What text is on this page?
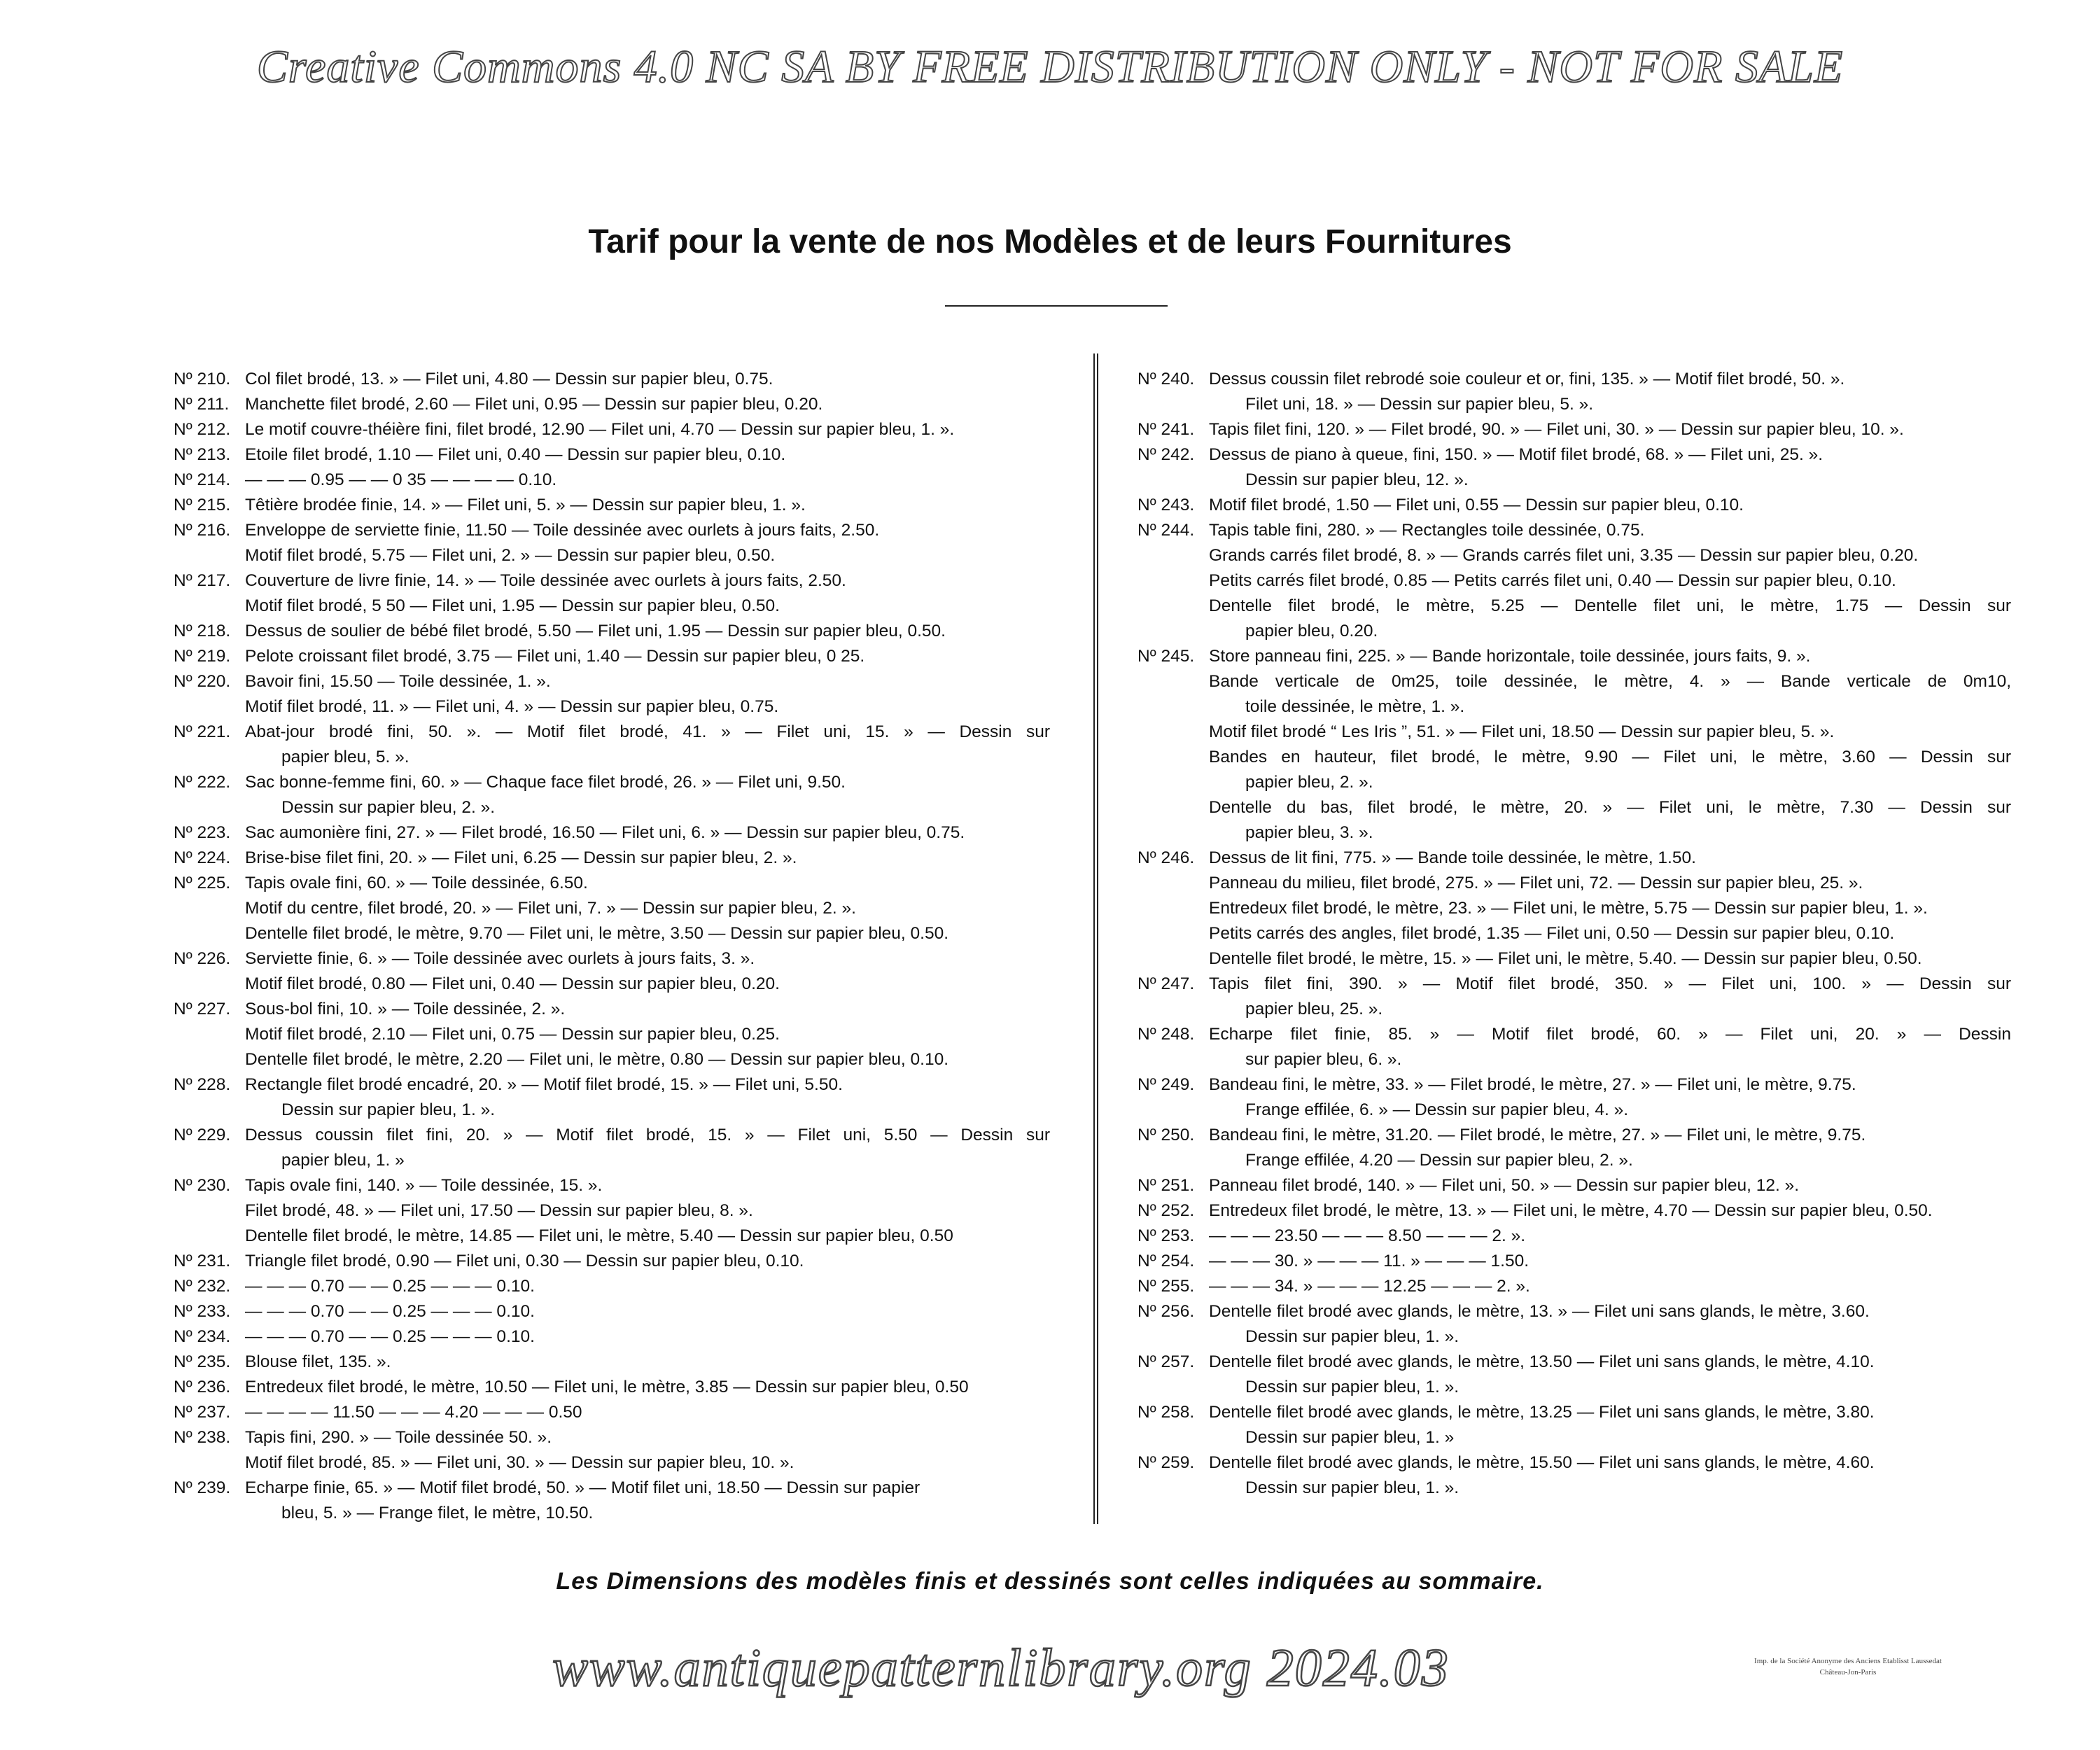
Creative Commons 4.0 NC SA BY FREE DISTRIBUTION ONLY - NOT FOR SALE
Tarif pour la vente de nos Modèles et de leurs Fournitures
Nº 210. Col filet brodé, 13. » — Filet uni, 4.80 — Dessin sur papier bleu, 0.75.
Nº 211. Manchette filet brodé, 2.60 — Filet uni, 0.95 — Dessin sur papier bleu, 0.20.
Nº 212. Le motif couvre-théière fini, filet brodé, 12.90 — Filet uni, 4.70 — Dessin sur papier bleu, 1. ».
Nº 213. Etoile filet brodé, 1.10 — Filet uni, 0.40 — Dessin sur papier bleu, 0.10.
Nº 214. — — — 0.95 — — 0 35 — — — — 0.10.
Nº 215. Têtière brodée finie, 14. » — Filet uni, 5. » — Dessin sur papier bleu, 1. ».
Nº 216. Enveloppe de serviette finie, 11.50 — Toile dessinée avec ourlets à jours faits, 2.50.
Motif filet brodé, 5.75 — Filet uni, 2. » — Dessin sur papier bleu, 0.50.
Nº 217. Couverture de livre finie, 14. » — Toile dessinée avec ourlets à jours faits, 2.50.
Motif filet brodé, 5 50 — Filet uni, 1.95 — Dessin sur papier bleu, 0.50.
Nº 218. Dessus de soulier de bébé filet brodé, 5.50 — Filet uni, 1.95 — Dessin sur papier bleu, 0.50.
Nº 219. Pelote croissant filet brodé, 3.75 — Filet uni, 1.40 — Dessin sur papier bleu, 0 25.
Nº 220. Bavoir fini, 15.50 — Toile dessinée, 1. ».
Motif filet brodé, 11. » — Filet uni, 4. » — Dessin sur papier bleu, 0.75.
Nº 221. Abat-jour brodé fini, 50. ». — Motif filet brodé, 41. » — Filet uni, 15. » — Dessin sur
papier bleu, 5. ».
Nº 222. Sac bonne-femme fini, 60. » — Chaque face filet brodé, 26. » — Filet uni, 9.50.
Dessin sur papier bleu, 2. ».
Nº 223. Sac aumonière fini, 27. » — Filet brodé, 16.50 — Filet uni, 6. » — Dessin sur papier bleu, 0.75.
Nº 224. Brise-bise filet fini, 20. » — Filet uni, 6.25 — Dessin sur papier bleu, 2. ».
Nº 225. Tapis ovale fini, 60. » — Toile dessinée, 6.50.
Motif du centre, filet brodé, 20. » — Filet uni, 7. » — Dessin sur papier bleu, 2. ».
Dentelle filet brodé, le mètre, 9.70 — Filet uni, le mètre, 3.50 — Dessin sur papier bleu, 0.50.
Nº 226. Serviette finie, 6. » — Toile dessinée avec ourlets à jours faits, 3. ».
Motif filet brodé, 0.80 — Filet uni, 0.40 — Dessin sur papier bleu, 0.20.
Nº 227. Sous-bol fini, 10. » — Toile dessinée, 2. ».
Motif filet brodé, 2.10 — Filet uni, 0.75 — Dessin sur papier bleu, 0.25.
Dentelle filet brodé, le mètre, 2.20 — Filet uni, le mètre, 0.80 — Dessin sur papier bleu, 0.10.
Nº 228. Rectangle filet brodé encadré, 20. » — Motif filet brodé, 15. » — Filet uni, 5.50.
Dessin sur papier bleu, 1. ».
Nº 229. Dessus coussin filet fini, 20. » — Motif filet brodé, 15. » — Filet uni, 5.50 — Dessin sur
papier bleu, 1. »
Nº 230. Tapis ovale fini, 140. » — Toile dessinée, 15. ».
Filet brodé, 48. » — Filet uni, 17.50 — Dessin sur papier bleu, 8. ».
Dentelle filet brodé, le mètre, 14.85 — Filet uni, le mètre, 5.40 — Dessin sur papier bleu, 0.50
Nº 231. Triangle filet brodé, 0.90 — Filet uni, 0.30 — Dessin sur papier bleu, 0.10.
Nº 232. — — — 0.70 — — 0.25 — — — 0.10.
Nº 233. — — — 0.70 — — 0.25 — — — 0.10.
Nº 234. — — — 0.70 — — 0.25 — — — 0.10.
Nº 235. Blouse filet, 135. ».
Nº 236. Entredeux filet brodé, le mètre, 10.50 — Filet uni, le mètre, 3.85 — Dessin sur papier bleu, 0.50
Nº 237. — — — — 11.50 — — — 4.20 — — — 0.50
Nº 238. Tapis fini, 290. » — Toile dessinée 50. ».
Motif filet brodé, 85. » — Filet uni, 30. » — Dessin sur papier bleu, 10. ».
Nº 239. Echarpe finie, 65. » — Motif filet brodé, 50. » — Motif filet uni, 18.50 — Dessin sur papier
bleu, 5. » — Frange filet, le mètre, 10.50.
Nº 240. Dessus coussin filet rebrodé soie couleur et or, fini, 135. » — Motif filet brodé, 50. ».
Filet uni, 18. » — Dessin sur papier bleu, 5. ».
Nº 241. Tapis filet fini, 120. » — Filet brodé, 90. » — Filet uni, 30. » — Dessin sur papier bleu, 10. ».
Nº 242. Dessus de piano à queue, fini, 150. » — Motif filet brodé, 68. » — Filet uni, 25. ».
Dessin sur papier bleu, 12. ».
Nº 243. Motif filet brodé, 1.50 — Filet uni, 0.55 — Dessin sur papier bleu, 0.10.
Nº 244. Tapis table fini, 280. » — Rectangles toile dessinée, 0.75.
Grands carrés filet brodé, 8. » — Grands carrés filet uni, 3.35 — Dessin sur papier bleu, 0.20.
Petits carrés filet brodé, 0.85 — Petits carrés filet uni, 0.40 — Dessin sur papier bleu, 0.10.
Dentelle filet brodé, le mètre, 5.25 — Dentelle filet uni, le mètre, 1.75 — Dessin sur
papier bleu, 0.20.
Nº 245. Store panneau fini, 225. » — Bande horizontale, toile dessinée, jours faits, 9. ».
Bande verticale de 0m25, toile dessinée, le mètre, 4. » — Bande verticale de 0m10,
toile dessinée, le mètre, 1. ».
Motif filet brodé “ Les Iris ”, 51. » — Filet uni, 18.50 — Dessin sur papier bleu, 5. ».
Bandes en hauteur, filet brodé, le mètre, 9.90 — Filet uni, le mètre, 3.60 — Dessin sur
papier bleu, 2. ».
Dentelle du bas, filet brodé, le mètre, 20. » — Filet uni, le mètre, 7.30 — Dessin sur
papier bleu, 3. ».
Nº 246. Dessus de lit fini, 775. » — Bande toile dessinée, le mètre, 1.50.
Panneau du milieu, filet brodé, 275. » — Filet uni, 72. — Dessin sur papier bleu, 25. ».
Entredeux filet brodé, le mètre, 23. » — Filet uni, le mètre, 5.75 — Dessin sur papier bleu, 1. ».
Petits carrés des angles, filet brodé, 1.35 — Filet uni, 0.50 — Dessin sur papier bleu, 0.10.
Dentelle filet brodé, le mètre, 15. » — Filet uni, le mètre, 5.40. — Dessin sur papier bleu, 0.50.
Nº 247. Tapis filet fini, 390. » — Motif filet brodé, 350. » — Filet uni, 100. » — Dessin sur
papier bleu, 25. ».
Nº 248. Echarpe filet finie, 85. » — Motif filet brodé, 60. » — Filet uni, 20. » — Dessin
sur papier bleu, 6. ».
Nº 249. Bandeau fini, le mètre, 33. » — Filet brodé, le mètre, 27. » — Filet uni, le mètre, 9.75.
Frange effilée, 6. » — Dessin sur papier bleu, 4. ».
Nº 250. Bandeau fini, le mètre, 31.20. — Filet brodé, le mètre, 27. » — Filet uni, le mètre, 9.75.
Frange effilée, 4.20 — Dessin sur papier bleu, 2. ».
Nº 251. Panneau filet brodé, 140. » — Filet uni, 50. » — Dessin sur papier bleu, 12. ».
Nº 252. Entredeux filet brodé, le mètre, 13. » — Filet uni, le mètre, 4.70 — Dessin sur papier bleu, 0.50.
Nº 253. — — — 23.50 — — — 8.50 — — — 2. ».
Nº 254. — — — 30. » — — — 11. » — — — 1.50.
Nº 255. — — — 34. » — — — 12.25 — — — 2. ».
Nº 256. Dentelle filet brodé avec glands, le mètre, 13. » — Filet uni sans glands, le mètre, 3.60.
Dessin sur papier bleu, 1. ».
Nº 257. Dentelle filet brodé avec glands, le mètre, 13.50 — Filet uni sans glands, le mètre, 4.10.
Dessin sur papier bleu, 1. ».
Nº 258. Dentelle filet brodé avec glands, le mètre, 13.25 — Filet uni sans glands, le mètre, 3.80.
Dessin sur papier bleu, 1. »
Nº 259. Dentelle filet brodé avec glands, le mètre, 15.50 — Filet uni sans glands, le mètre, 4.60.
Dessin sur papier bleu, 1. ».
Les Dimensions des modèles finis et dessinés sont celles indiquées au sommaire.
www.antiquepatternlibrary.org 2024.03	Imp. de la Société Anonyme des Anciens Etablisst Laussedat
Château-Jon-Paris
